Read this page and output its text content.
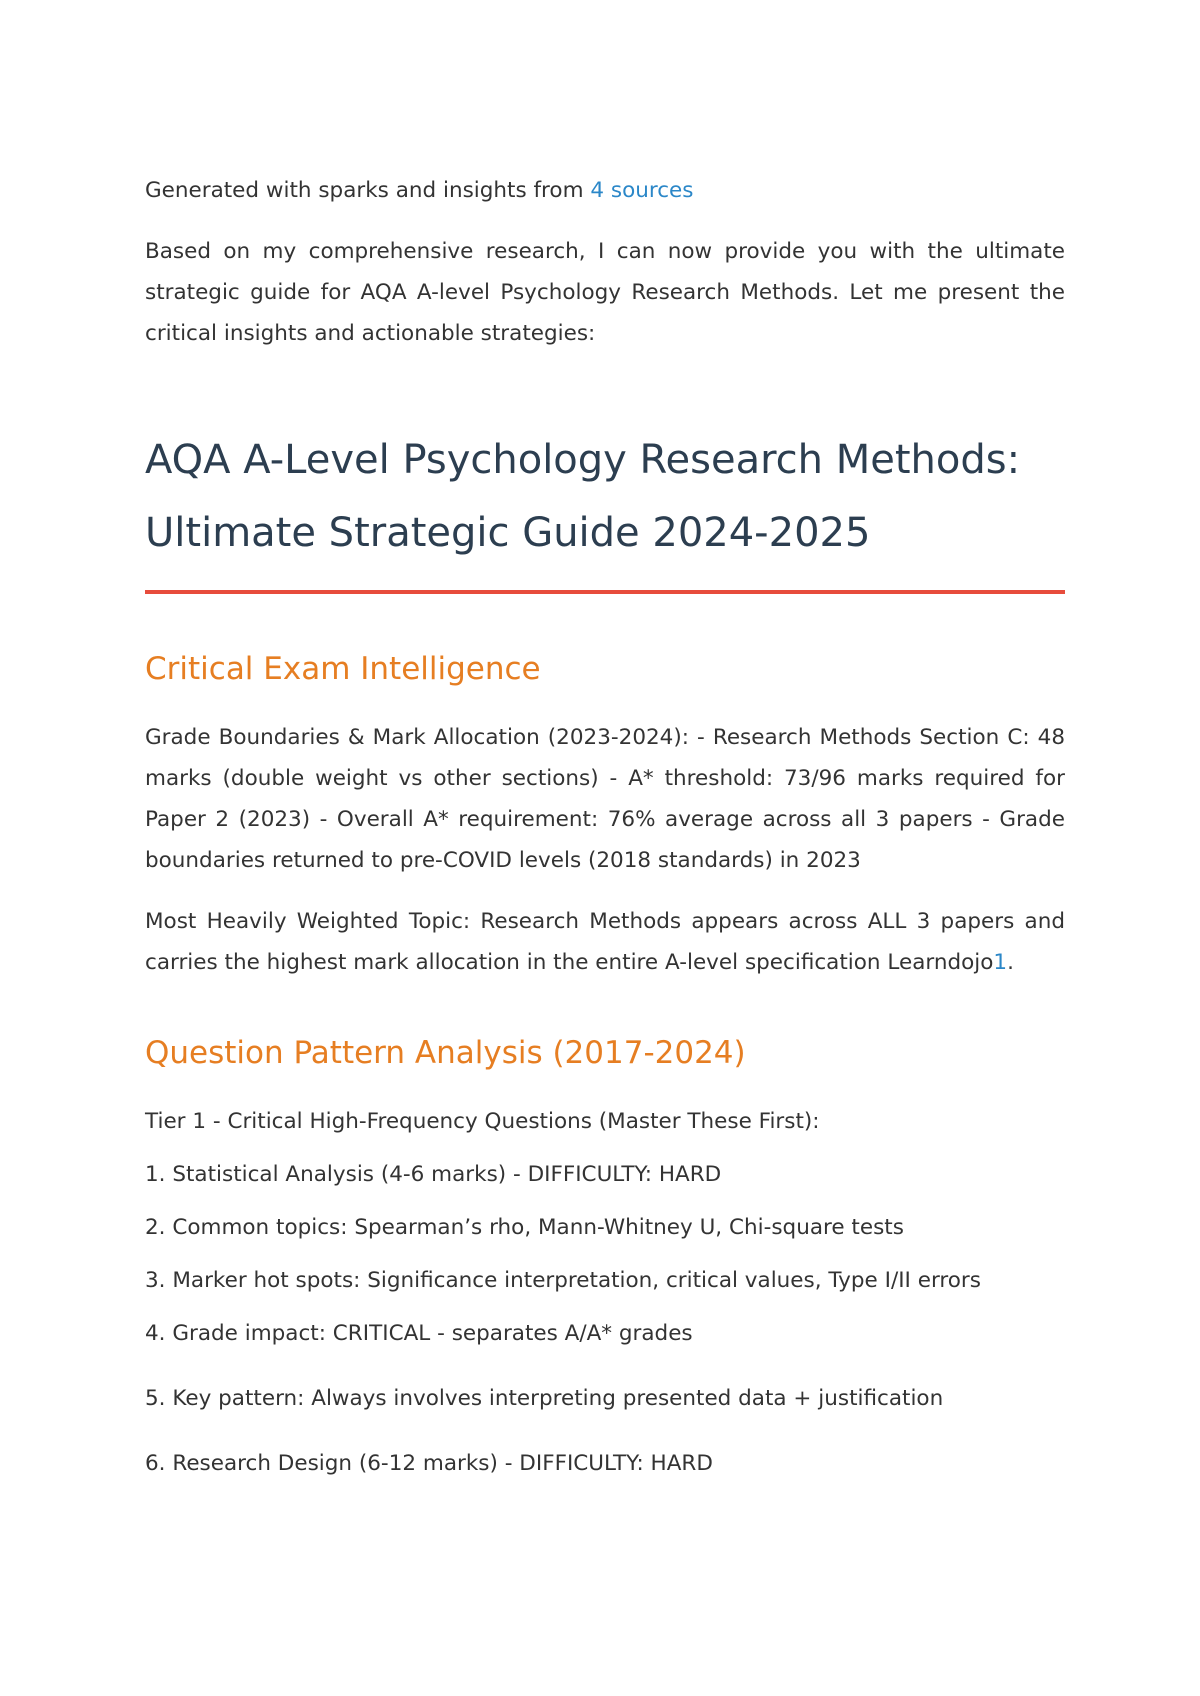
Generated with sparks and insights from 4 sources

Based on my comprehensive research, I can now provide you with the ultimate strategic guide for AQA A-level Psychology Research Methods. Let me present the critical insights and actionable strategies:

AQA A-Level Psychology Research Methods:
Ultimate Strategic Guide 2024-2025
Critical Exam Intelligence

Grade Boundaries & Mark Allocation (2023-2024): - Research Methods Section C: 48 marks (double weight vs other sections) - A* threshold: 73/96 marks required for Paper 2 (2023) - Overall A* requirement: 76% average across all 3 papers - Grade boundaries returned to pre-COVID levels (2018 standards) in 2023

Most Heavily Weighted Topic: Research Methods appears across ALL 3 papers and carries the highest mark allocation in the entire A-level specification Learndojo1.

Question Pattern Analysis (2017-2024)

Tier 1 - Critical High-Frequency Questions (Master These First):

1. Statistical Analysis (4-6 marks) - DIFFICULTY: HARD
2. Common topics: Spearman’s rho, Mann-Whitney U, Chi-square tests
3. Marker hot spots: Significance interpretation, critical values, Type I/II errors
4. Grade impact: CRITICAL - separates A/A* grades
5. Key pattern: Always involves interpreting presented data + justification
6. Research Design (6-12 marks) - DIFFICULTY: HARD
